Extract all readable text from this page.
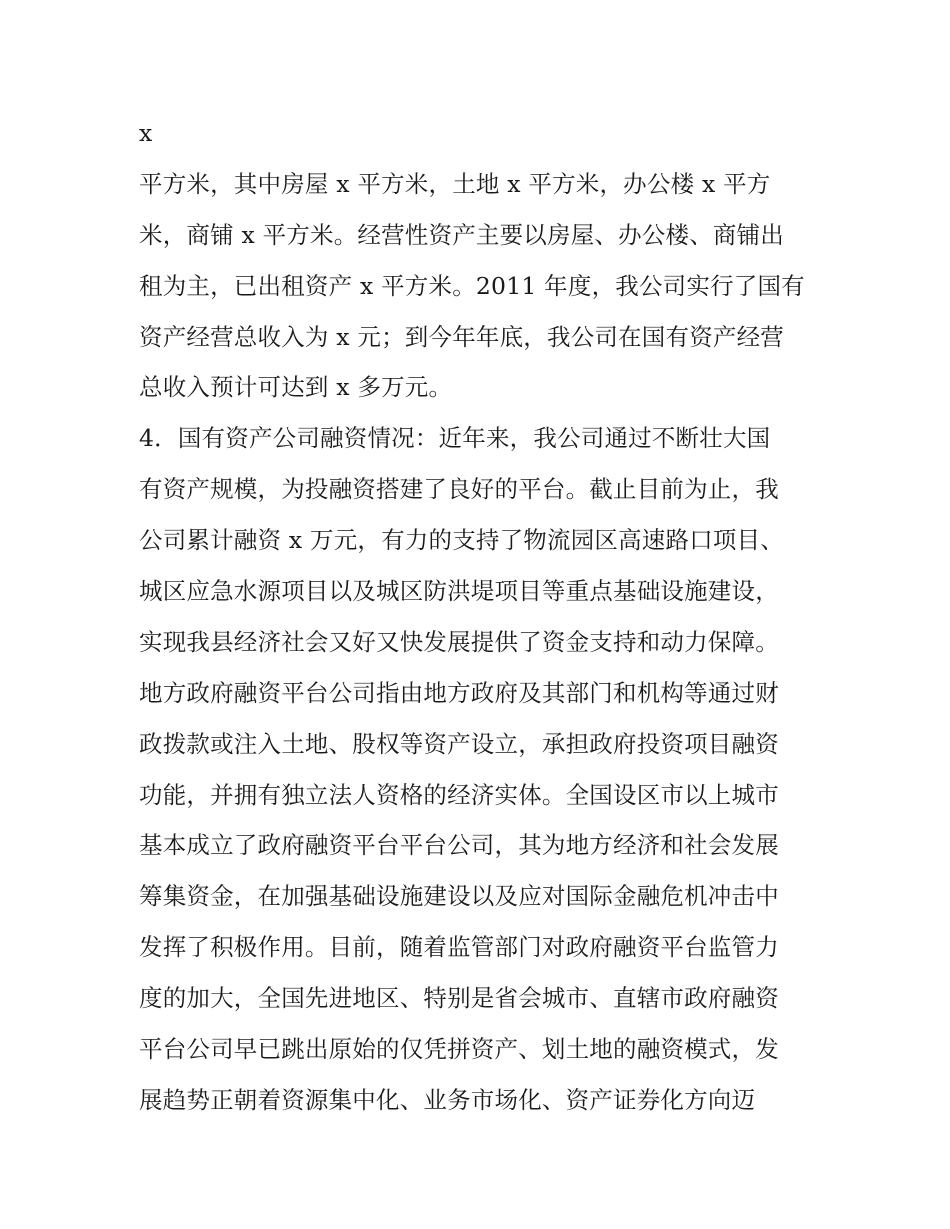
x
平方米，其中房屋 x 平方米，土地 x 平方米，办公楼 x 平方
米，商铺 x 平方米。经营性资产主要以房屋、办公楼、商铺出
租为主，已出租资产 x 平方米。2011 年度，我公司实行了国有
资产经营总收入为 x 元；到今年年底，我公司在国有资产经营
总收入预计可达到 x 多万元。
4．国有资产公司融资情况：近年来，我公司通过不断壮大国
有资产规模，为投融资搭建了良好的平台。截止目前为止，我
公司累计融资 x 万元，有力的支持了物流园区高速路口项目、
城区应急水源项目以及城区防洪堤项目等重点基础设施建设，
实现我县经济社会又好又快发展提供了资金支持和动力保障。
地方政府融资平台公司指由地方政府及其部门和机构等通过财
政拨款或注入土地、股权等资产设立，承担政府投资项目融资
功能，并拥有独立法人资格的经济实体。全国设区市以上城市
基本成立了政府融资平台平台公司，其为地方经济和社会发展
筹集资金，在加强基础设施建设以及应对国际金融危机冲击中
发挥了积极作用。目前，随着监管部门对政府融资平台监管力
度的加大，全国先进地区、特别是省会城市、直辖市政府融资
平台公司早已跳出原始的仅凭拼资产、划土地的融资模式，发
展趋势正朝着资源集中化、业务市场化、资产证券化方向迈
